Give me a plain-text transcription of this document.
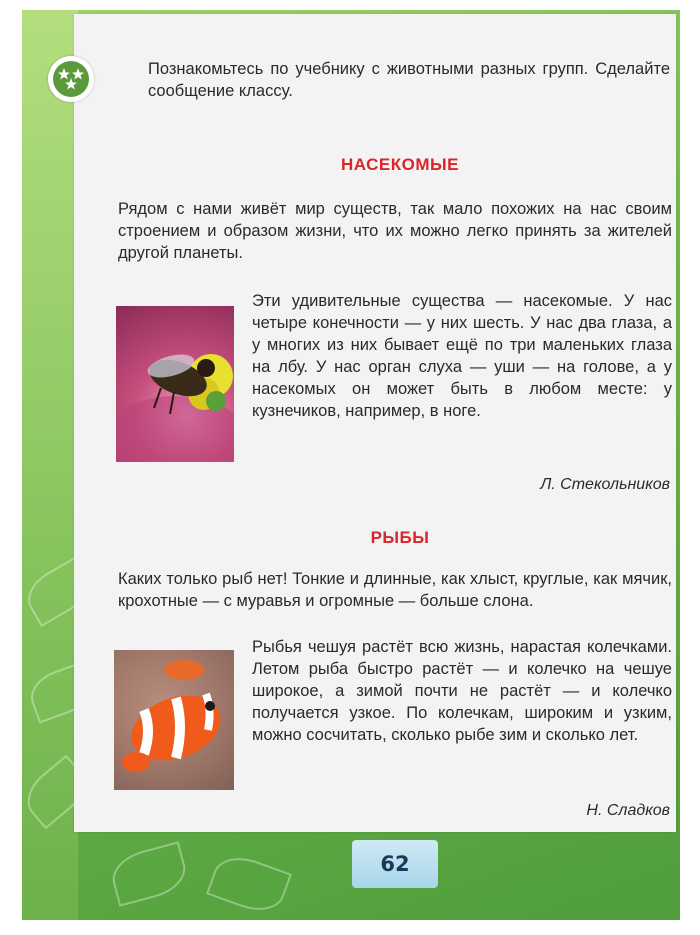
Познакомьтесь по учебнику с животными разных групп. Сделайте сообщение классу.
НАСЕКОМЫЕ
Рядом с нами живёт мир существ, так мало похожих на нас своим строением и образом жизни, что их можно легко принять за жителей другой планеты.
Эти удивительные существа — насекомые. У нас четыре конечности — у них шесть. У нас два глаза, а у многих из них бывает ещё по три маленьких глаза на лбу. У нас орган слуха — уши — на голове, а у насекомых он может быть в любом месте: у кузнечиков, например, в ноге.
Л. Стекольников
РЫБЫ
Каких только рыб нет! Тонкие и длинные, как хлыст, круглые, как мячик, крохотные — с муравья и огромные — больше слона.
Рыбья чешуя растёт всю жизнь, нарастая колечками. Летом рыба быстро растёт — и колечко на чешуе широкое, а зимой почти не растёт — и колечко получается узкое. По колечкам, широким и узким, можно сосчитать, сколько рыбе зим и сколько лет.
Н. Сладков
62
